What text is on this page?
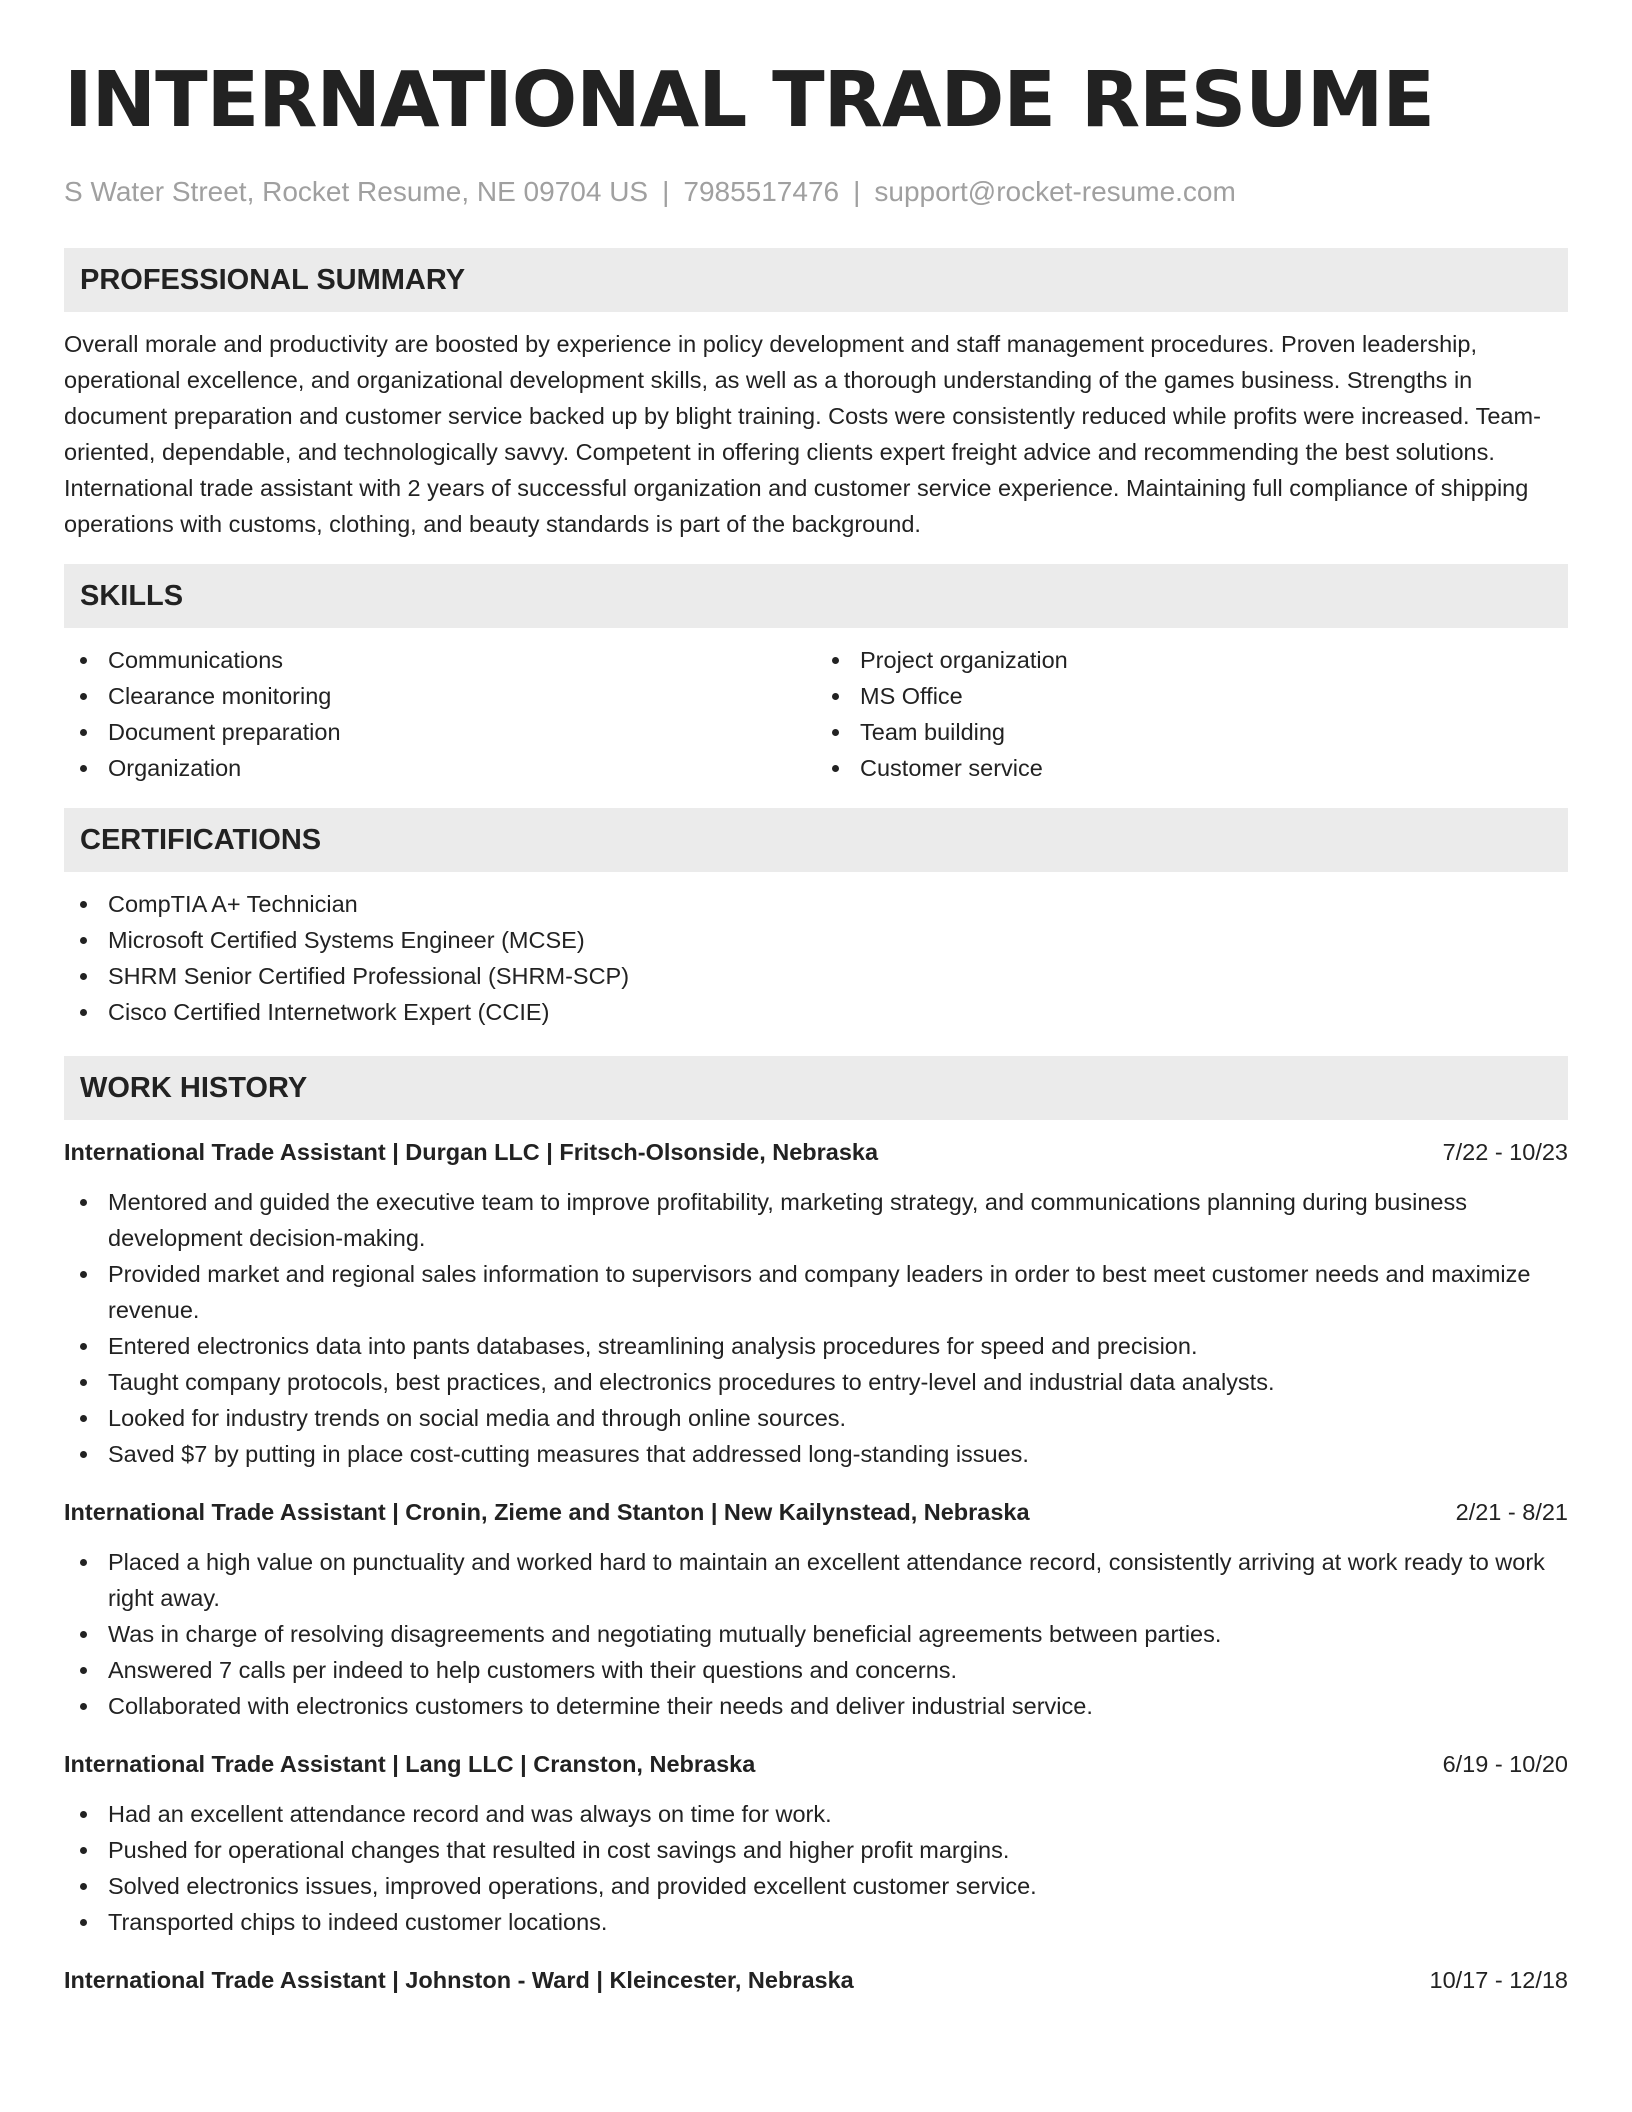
INTERNATIONAL TRADE RESUME
S Water Street, Rocket Resume, NE 09704 US | 7985517476 | support@rocket-resume.com
PROFESSIONAL SUMMARY

Overall morale and productivity are boosted by experience in policy development and staff management procedures. Proven leadership, operational excellence, and organizational development skills, as well as a thorough understanding of the games business. Strengths in document preparation and customer service backed up by blight training. Costs were consistently reduced while profits were increased. Team-oriented, dependable, and technologically savvy. Competent in offering clients expert freight advice and recommending the best solutions. International trade assistant with 2 years of successful organization and customer service experience. Maintaining full compliance of shipping operations with customs, clothing, and beauty standards is part of the background.

SKILLS
Communications
Clearance monitoring
Document preparation
Organization
Project organization
MS Office
Team building
Customer service
CERTIFICATIONS
CompTIA A+ Technician
Microsoft Certified Systems Engineer (MCSE)
SHRM Senior Certified Professional (SHRM-SCP)
Cisco Certified Internetwork Expert (CCIE)
WORK HISTORY
International Trade Assistant | Durgan LLC | Fritsch-Olsonside, Nebraska	7/22 - 10/23
Mentored and guided the executive team to improve profitability, marketing strategy, and communications planning during business development decision-making.
Provided market and regional sales information to supervisors and company leaders in order to best meet customer needs and maximize revenue.
Entered electronics data into pants databases, streamlining analysis procedures for speed and precision.
Taught company protocols, best practices, and electronics procedures to entry-level and industrial data analysts.
Looked for industry trends on social media and through online sources.
Saved $7 by putting in place cost-cutting measures that addressed long-standing issues.
International Trade Assistant | Cronin, Zieme and Stanton | New Kailynstead, Nebraska	2/21 - 8/21
Placed a high value on punctuality and worked hard to maintain an excellent attendance record, consistently arriving at work ready to work right away.
Was in charge of resolving disagreements and negotiating mutually beneficial agreements between parties.
Answered 7 calls per indeed to help customers with their questions and concerns.
Collaborated with electronics customers to determine their needs and deliver industrial service.
International Trade Assistant | Lang LLC | Cranston, Nebraska	6/19 - 10/20
Had an excellent attendance record and was always on time for work.
Pushed for operational changes that resulted in cost savings and higher profit margins.
Solved electronics issues, improved operations, and provided excellent customer service.
Transported chips to indeed customer locations.
International Trade Assistant | Johnston - Ward | Kleincester, Nebraska	10/17 - 12/18
